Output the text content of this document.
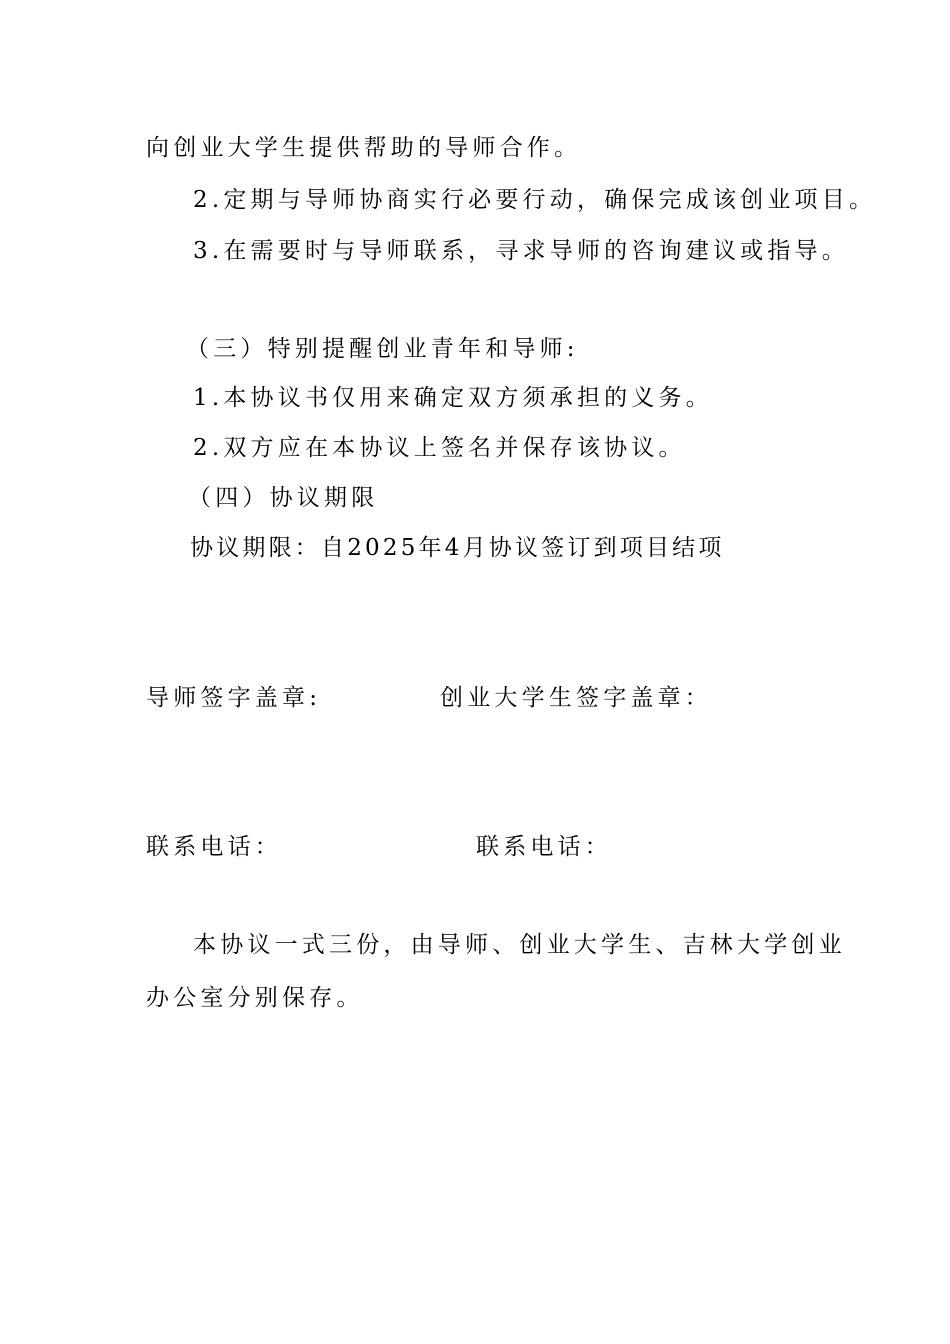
向创业大学生提供帮助的导师合作。
2.定期与导师协商实行必要行动，确保完成该创业项目。
3.在需要时与导师联系，寻求导师的咨询建议或指导。
（三）特别提醒创业青年和导师:
1.本协议书仅用来确定双方须承担的义务。
2.双方应在本协议上签名并保存该协议。
（四）协议期限
协议期限：自2025年4月协议签订到项目结项
导师签字盖章:	创业大学生签字盖章：
联系电话：	联系电话：
本协议一式三份，由导师、创业大学生、吉林大学创业
办公室分别保存。
